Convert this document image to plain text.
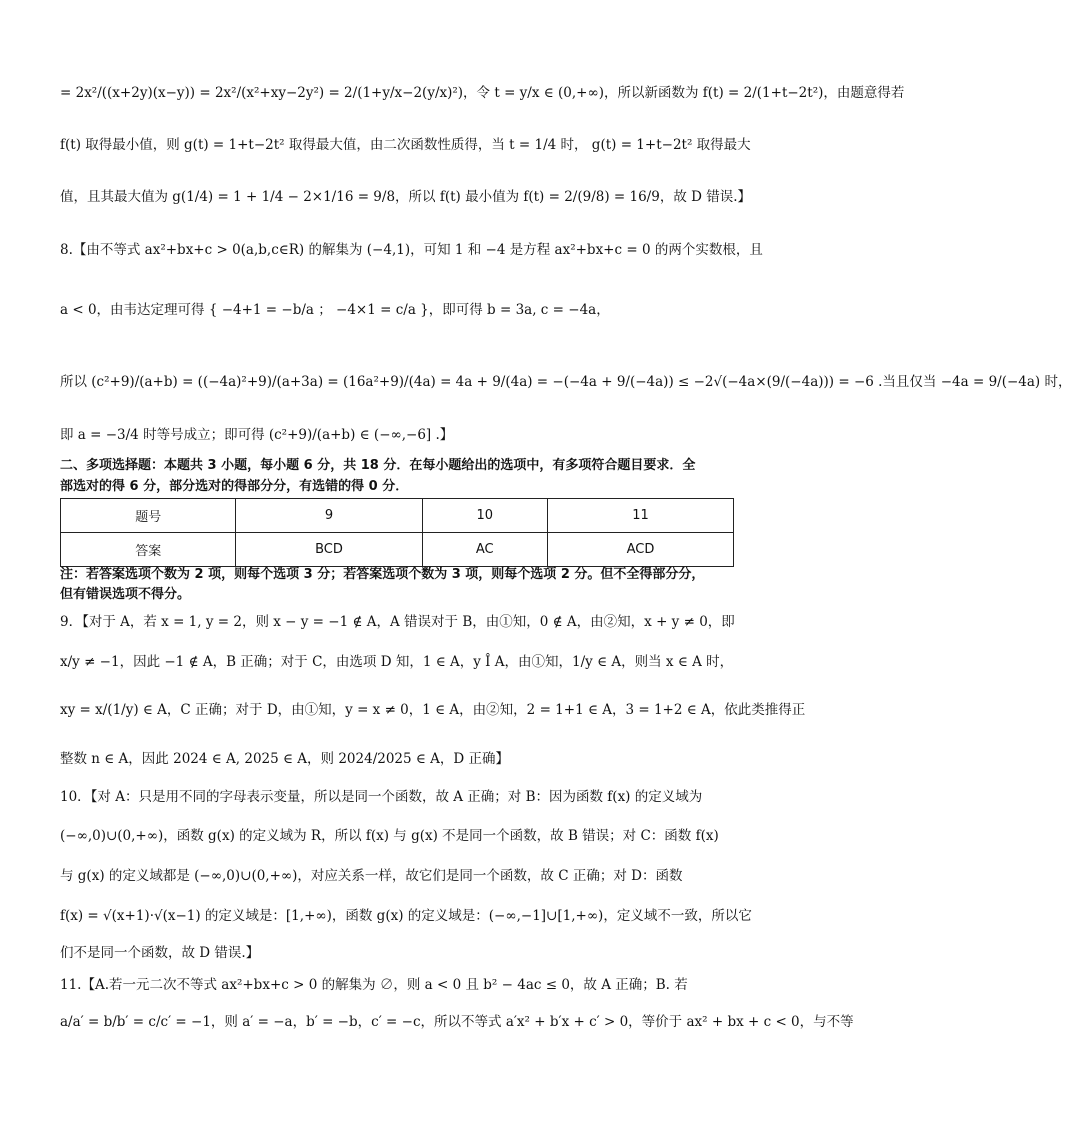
= 2x²/((x+2y)(x−y)) = 2x²/(x²+xy−2y²) = 2/(1+y/x−2(y/x)²)，令 t = y/x ∈ (0,+∞)，所以新函数为 f(t) = 2/(1+t−2t²)，由题意得若
f(t) 取得最小值，则 g(t) = 1+t−2t² 取得最大值，由二次函数性质得，当 t = 1/4 时， g(t) = 1+t−2t² 取得最大
值，且其最大值为 g(1/4) = 1 + 1/4 − 2×1/16 = 9/8，所以 f(t) 最小值为 f(t) = 2/(9/8) = 16/9，故 D 错误.】
8.【由不等式 ax²+bx+c > 0(a,b,c∈R) 的解集为 (−4,1)，可知 1 和 −4 是方程 ax²+bx+c = 0 的两个实数根，且
a < 0，由韦达定理可得 { −4+1 = −b/a ； −4×1 = c/a }，即可得 b = 3a, c = −4a，
所以 (c²+9)/(a+b) = ((−4a)²+9)/(a+3a) = (16a²+9)/(4a) = 4a + 9/(4a) = −(−4a + 9/(−4a)) ≤ −2√(−4a×(9/(−4a))) = −6 .当且仅当 −4a = 9/(−4a) 时，
即 a = −3/4 时等号成立；即可得 (c²+9)/(a+b) ∈ (−∞,−6] .】
二、多项选择题：本题共 3 小题，每小题 6 分，共 18 分．在每小题给出的选项中，有多项符合题目要求．全
部选对的得 6 分，部分选对的得部分分，有选错的得 0 分．
题号	9	10	11
答案	BCD	AC	ACD
注：若答案选项个数为 2 项，则每个选项 3 分；若答案选项个数为 3 项，则每个选项 2 分。但不全得部分分，
但有错误选项不得分。
9．【对于 A，若 x = 1, y = 2，则 x − y = −1 ∉ A，A 错误对于 B，由①知，0 ∉ A，由②知，x + y ≠ 0，即
x/y ≠ −1，因此 −1 ∉ A，B 正确；对于 C，由选项 D 知，1 ∈ A，y Î A，由①知，1/y ∈ A，则当 x ∈ A 时，
xy = x/(1/y) ∈ A，C 正确；对于 D，由①知，y = x ≠ 0，1 ∈ A，由②知，2 = 1+1 ∈ A，3 = 1+2 ∈ A，依此类推得正
整数 n ∈ A，因此 2024 ∈ A, 2025 ∈ A，则 2024/2025 ∈ A，D 正确】
10．【对 A：只是用不同的字母表示变量，所以是同一个函数，故 A 正确；对 B：因为函数 f(x) 的定义域为
(−∞,0)∪(0,+∞)，函数 g(x) 的定义域为 R，所以 f(x) 与 g(x) 不是同一个函数，故 B 错误；对 C：函数 f(x)
与 g(x) 的定义域都是 (−∞,0)∪(0,+∞)，对应关系一样，故它们是同一个函数，故 C 正确；对 D：函数
f(x) = √(x+1)·√(x−1) 的定义域是：[1,+∞)，函数 g(x) 的定义域是：(−∞,−1]∪[1,+∞)，定义域不一致，所以它
们不是同一个函数，故 D 错误.】
11.【A.若一元二次不等式 ax²+bx+c > 0 的解集为 ∅，则 a < 0 且 b² − 4ac ≤ 0，故 A 正确；B. 若
a/a′ = b/b′ = c/c′ = −1，则 a′ = −a，b′ = −b，c′ = −c，所以不等式 a′x² + b′x + c′ > 0，等价于 ax² + bx + c < 0，与不等
